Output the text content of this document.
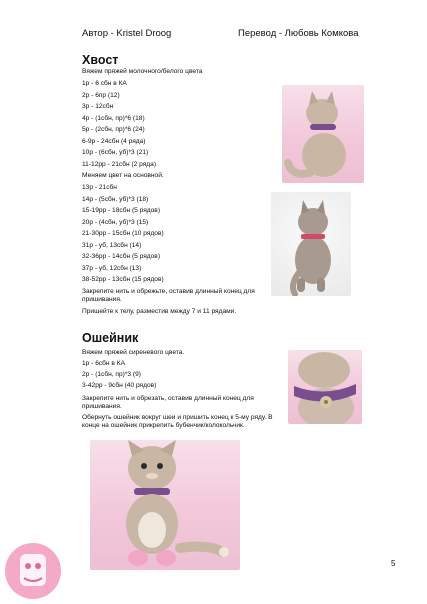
Автор - Kristel Droog	Перевод - Любовь Комкова
Хвост
Вяжем пряжей молочного/белого цвета
1р - 6 сбн в КА
2р - 6пр (12)
3р - 12сбн
4р - (1сбн, пр)*6 (18)
5р - (2сбн, пр)*6 (24)
6-9р - 24сбн (4 ряда)
10р - (6сбн, уб)*3 (21)
11-12рр - 21сбн (2 ряда)
Меняем цвет на основной.
13р - 21сбн
14р - (5сбн, уб)*3 (18)
15-19рр - 18сбн (5 рядов)
20р - (4сбн, уб)*3 (15)
21-30рр - 15сбн (10 рядов)
31р - уб, 13сбн (14)
32-36рр - 14сбн (5 рядов)
37р - уб, 12сбн (13)
38-52рр - 13сбн (15 рядов)
Закрепите нить и обрежьте, оставив длинный конец для пришивания.
Пришейте к телу, разместив между 7 и 11 рядами.
Ошейник
Вяжем пряжей сиреневого цвета.
1р - 6сбн в КА
2р - (1сбн, пр)*3 (9)
3-42рр - 9сбн (40 рядов)
Закрепите нить и обрезать, оставив длинный конец для пришивания.
Обернуть ошейник вокруг шеи и пришить конец к 5-му ряду. В конце на ошейник прикрепить бубенчик/колокольчик.
5
